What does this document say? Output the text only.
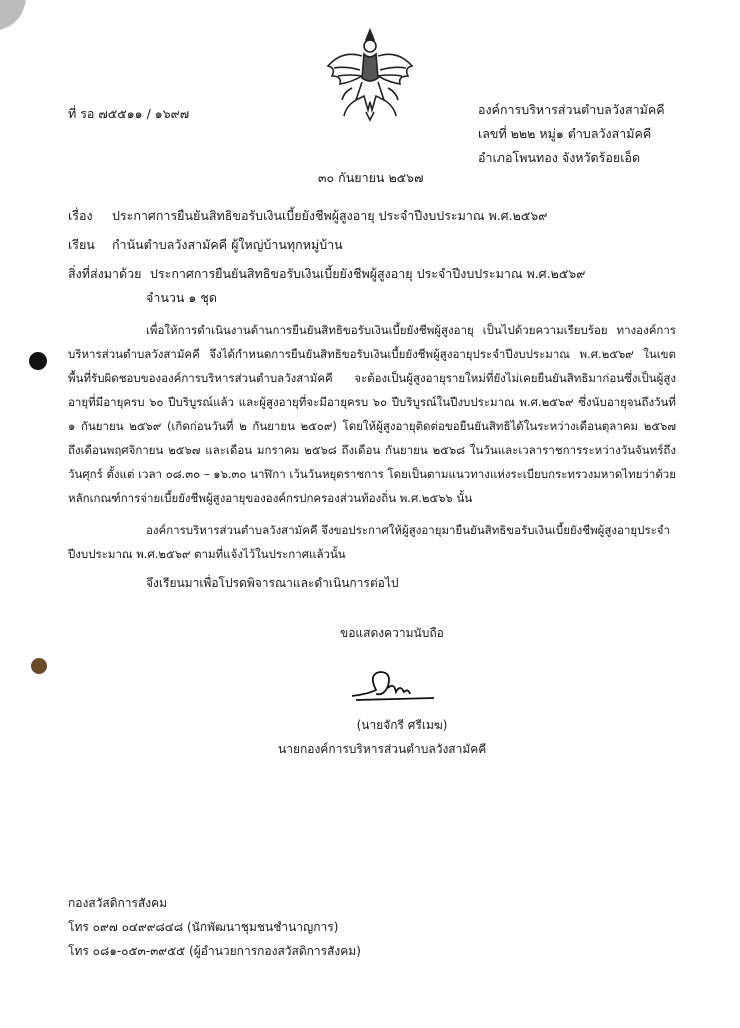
ที่ รอ ๗๕๕๑๑ / ๑๖๙๗	องค์การบริหารส่วนตำบลวังสามัคคี
เลขที่ ๒๒๒ หมู่๑ ตำบลวังสามัคคี
อำเภอโพนทอง จังหวัดร้อยเอ็ด
๓๐ กันยายน ๒๕๖๗
เรื่อง ประกาศการยืนยันสิทธิขอรับเงินเบี้ยยังชีพผู้สูงอายุ ประจำปีงบประมาณ พ.ศ.๒๕๖๙
เรียน กำนันตำบลวังสามัคคี ผู้ใหญ่บ้านทุกหมู่บ้าน
สิ่งที่ส่งมาด้วย ประกาศการยืนยันสิทธิขอรับเงินเบี้ยยังชีพผู้สูงอายุ ประจำปีงบประมาณ พ.ศ.๒๕๖๙
จำนวน ๑ ชุด
เพื่อให้การดำเนินงานด้านการยืนยันสิทธิขอรับเงินเบี้ยยังชีพผู้สูงอายุ เป็นไปด้วยความเรียบร้อย ทางองค์การบริหารส่วนตำบลวังสามัคคี จึงได้กำหนดการยืนยันสิทธิขอรับเงินเบี้ยยังชีพผู้สูงอายุประจำปีงบประมาณ พ.ศ.๒๕๖๙ ในเขตพื้นที่รับผิดชอบขององค์การบริหารส่วนตำบลวังสามัคคี จะต้องเป็นผู้สูงอายุรายใหม่ที่ยังไม่เคยยืนยันสิทธิมาก่อนซึ่งเป็นผู้สูงอายุที่มีอายุครบ ๖๐ ปีบริบูรณ์แล้ว และผู้สูงอายุที่จะมีอายุครบ ๖๐ ปีบริบูรณ์ในปีงบประมาณ พ.ศ.๒๕๖๙ ซึ่งนับอายุจนถึงวันที่ ๑ กันยายน ๒๕๖๙ (เกิดก่อนวันที่ ๒ กันยายน ๒๕๐๙) โดยให้ผู้สูงอายุติดต่อขอยืนยันสิทธิได้ในระหว่างเดือนตุลาคม ๒๕๖๗ ถึงเดือนพฤศจิกายน ๒๕๖๗ และเดือน มกราคม ๒๕๖๘ ถึงเดือน กันยายน ๒๕๖๘ ในวันและเวลาราชการระหว่างวันจันทร์ถึงวันศุกร์ ตั้งแต่ เวลา ๐๘.๓๐ – ๑๖.๓๐ นาฬิกา เว้นวันหยุดราชการ โดยเป็นตามแนวทางแห่งระเบียบกระทรวงมหาดไทยว่าด้วยหลักเกณฑ์การจ่ายเบี้ยยังชีพผู้สูงอายุขององค์กรปกครองส่วนท้องถิ่น พ.ศ.๒๕๖๖ นั้น
องค์การบริหารส่วนตำบลวังสามัคคี จึงขอประกาศให้ผู้สูงอายุมายืนยันสิทธิขอรับเงินเบี้ยยังชีพผู้สูงอายุประจำปีงบประมาณ พ.ศ.๒๕๖๙ ตามที่แจ้งไว้ในประกาศแล้วนั้น
จึงเรียนมาเพื่อโปรดพิจารณาและดำเนินการต่อไป
ขอแสดงความนับถือ
(นายจักรี ศรีเมฆ)
นายกองค์การบริหารส่วนตำบลวังสามัคคี
กองสวัสดิการสังคม
โทร ๐๙๗ ๐๔๙๙๘๔๘ (นักพัฒนาชุมชนชำนาญการ)
โทร ๐๘๑-๐๕๓-๓๙๕๕ (ผู้อำนวยการกองสวัสดิการสังคม)
